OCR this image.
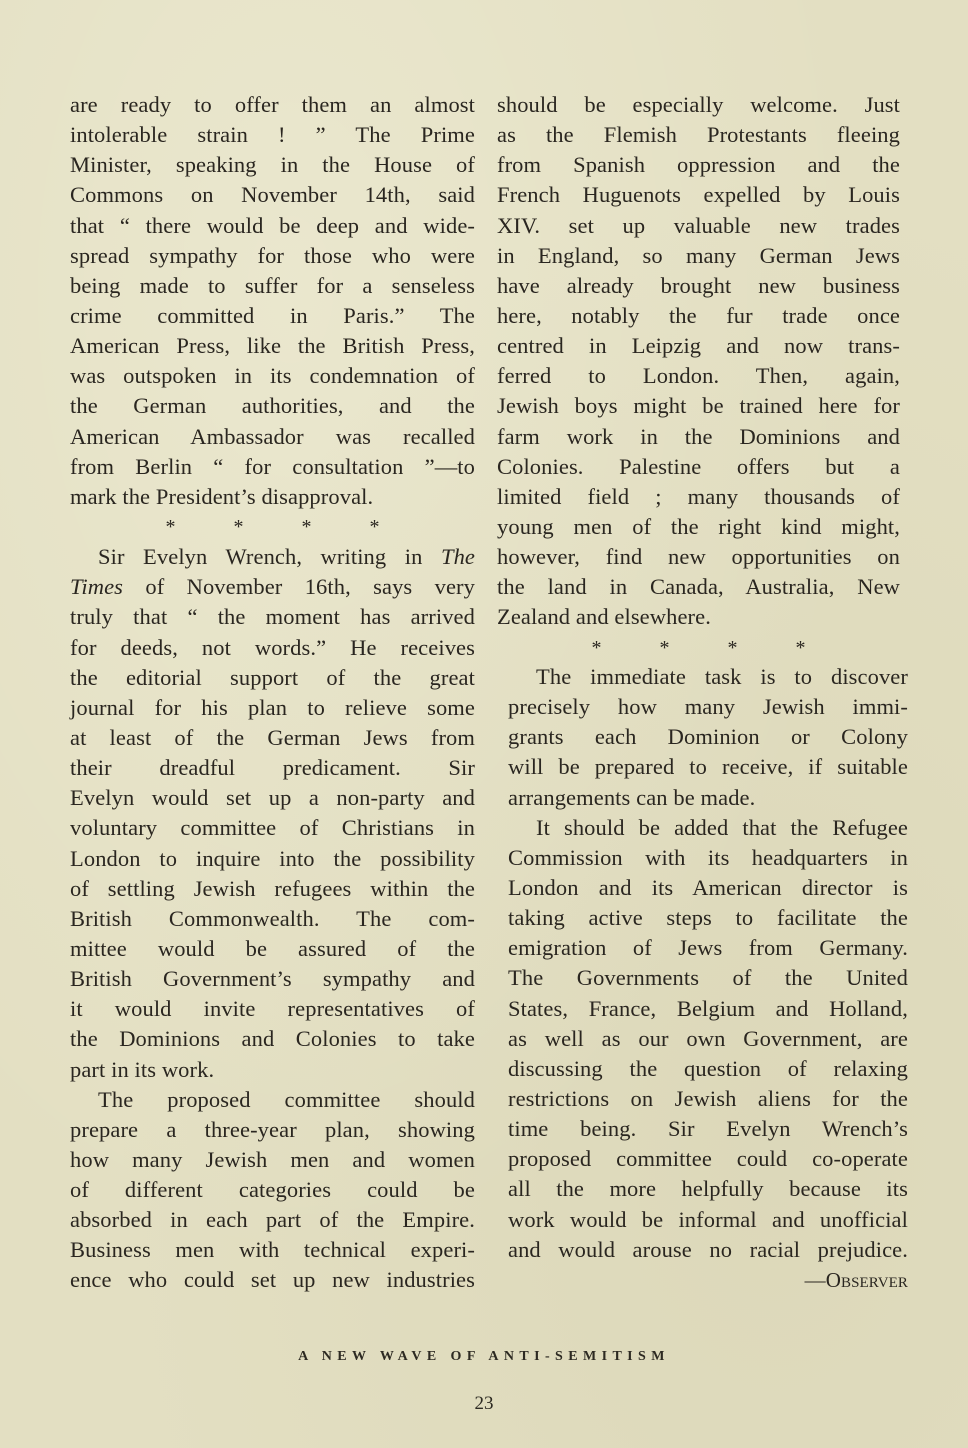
are ready to offer them an almost
intolerable strain ! ” The Prime
Minister, speaking in the House of
Commons on November 14th, said
that “ there would be deep and wide-
spread sympathy for those who were
being made to suffer for a senseless
crime committed in Paris.” The
American Press, like the British Press,
was outspoken in its condemnation of
the German authorities, and the
American Ambassador was recalled
from Berlin “ for consultation ”—to
mark the President’s disapproval.
*	*	*	*
Sir Evelyn Wrench, writing in The
Times of November 16th, says very
truly that “ the moment has arrived
for deeds, not words.” He receives
the editorial support of the great
journal for his plan to relieve some
at least of the German Jews from
their dreadful predicament. Sir
Evelyn would set up a non-party and
voluntary committee of Christians in
London to inquire into the possibility
of settling Jewish refugees within the
British Commonwealth. The com-
mittee would be assured of the
British Government’s sympathy and
it would invite representatives of
the Dominions and Colonies to take
part in its work.
The proposed committee should
prepare a three-year plan, showing
how many Jewish men and women
of different categories could be
absorbed in each part of the Empire.
Business men with technical experi-
ence who could set up new industries
should be especially welcome. Just
as the Flemish Protestants fleeing
from Spanish oppression and the
French Huguenots expelled by Louis
XIV. set up valuable new trades
in England, so many German Jews
have already brought new business
here, notably the fur trade once
centred in Leipzig and now trans-
ferred to London. Then, again,
Jewish boys might be trained here for
farm work in the Dominions and
Colonies. Palestine offers but a
limited field ; many thousands of
young men of the right kind might,
however, find new opportunities on
the land in Canada, Australia, New
Zealand and elsewhere.
*	*	*	*
The immediate task is to discover
precisely how many Jewish immi-
grants each Dominion or Colony
will be prepared to receive, if suitable
arrangements can be made.
It should be added that the Refugee
Commission with its headquarters in
London and its American director is
taking active steps to facilitate the
emigration of Jews from Germany.
The Governments of the United
States, France, Belgium and Holland,
as well as our own Government, are
discussing the question of relaxing
restrictions on Jewish aliens for the
time being. Sir Evelyn Wrench’s
proposed committee could co-operate
all the more helpfully because its
work would be informal and unofficial
and would arouse no racial prejudice.
—Observer
A NEW WAVE OF ANTI-SEMITISM
23
